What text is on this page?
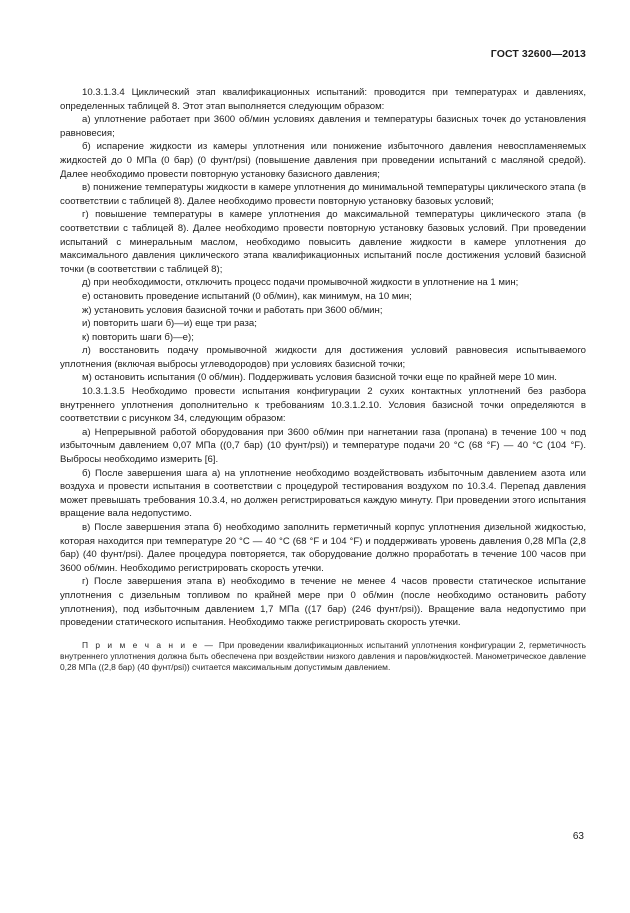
ГОСТ 32600—2013

10.3.1.3.4 Циклический этап квалификационных испытаний: проводится при температурах и давлениях, определенных таблицей 8. Этот этап выполняется следующим образом:

а) уплотнение работает при 3600 об/мин условиях давления и температуры базисных точек до установления равновесия;

б) испарение жидкости из камеры уплотнения или понижение избыточного давления невоспламеняемых жидкостей до 0 МПа (0 бар) (0 фунт/psi) (повышение давления при проведении испытаний с масляной средой). Далее необходимо провести повторную установку базисного давления;

в) понижение температуры жидкости в камере уплотнения до минимальной температуры циклического этапа (в соответствии с таблицей 8). Далее необходимо провести повторную установку базовых условий;

г) повышение температуры в камере уплотнения до максимальной температуры циклического этапа (в соответствии с таблицей 8). Далее необходимо провести повторную установку базовых условий. При проведении испытаний с минеральным маслом, необходимо повысить давление жидкости в камере уплотнения до максимального давления циклического этапа квалификационных испытаний после достижения условий базисной точки (в соответствии с таблицей 8);

д) при необходимости, отключить процесс подачи промывочной жидкости в уплотнение на 1 мин;

е) остановить проведение испытаний (0 об/мин), как минимум, на 10 мин;

ж) установить условия базисной точки и работать при 3600 об/мин;

и) повторить шаги б)—и) еще три раза;

к) повторить шаги б)—е);

л) восстановить подачу промывочной жидкости для достижения условий равновесия испытываемого уплотнения (включая выбросы углеводородов) при условиях базисной точки;

м) остановить испытания (0 об/мин). Поддерживать условия базисной точки еще по крайней мере 10 мин.

10.3.1.3.5 Необходимо провести испытания конфигурации 2 сухих контактных уплотнений без разбора внутреннего уплотнения дополнительно к требованиям 10.3.1.2.10. Условия базисной точки определяются в соответствии с рисунком 34, следующим образом:

а) Непрерывной работой оборудования при 3600 об/мин при нагнетании газа (пропана) в течение 100 ч под избыточным давлением 0,07 МПа ((0,7 бар) (10 фунт/psi)) и температуре подачи 20 °C (68 °F) — 40 °C (104 °F). Выбросы необходимо измерить [6].

б) После завершения шага а) на уплотнение необходимо воздействовать избыточным давлением азота или воздуха и провести испытания в соответствии с процедурой тестирования воздухом по 10.3.4. Перепад давления может превышать требования 10.3.4, но должен регистрироваться каждую минуту. При проведении этого испытания вращение вала недопустимо.

в) После завершения этапа б) необходимо заполнить герметичный корпус уплотнения дизельной жидкостью, которая находится при температуре 20 °C — 40 °C (68 °F и 104 °F) и поддерживать уровень давления 0,28 МПа (2,8 бар) (40 фунт/psi). Далее процедура повторяется, так оборудование должно проработать в течение 100 часов при 3600 об/мин. Необходимо регистрировать скорость утечки.

г) После завершения этапа в) необходимо в течение не менее 4 часов провести статическое испытание уплотнения с дизельным топливом по крайней мере при 0 об/мин (после необходимо остановить работу уплотнения), под избыточным давлением 1,7 МПа ((17 бар) (246 фунт/psi)). Вращение вала недопустимо при проведении статического испытания. Необходимо также регистрировать скорость утечки.

П р и м е ч а н и е — При проведении квалификационных испытаний уплотнения конфигурации 2, герметичность внутреннего уплотнения должна быть обеспечена при воздействии низкого давления и паров/жидкостей. Манометрическое давление 0,28 МПа ((2,8 бар) (40 фунт/psi)) считается максимальным допустимым давлением.
63
